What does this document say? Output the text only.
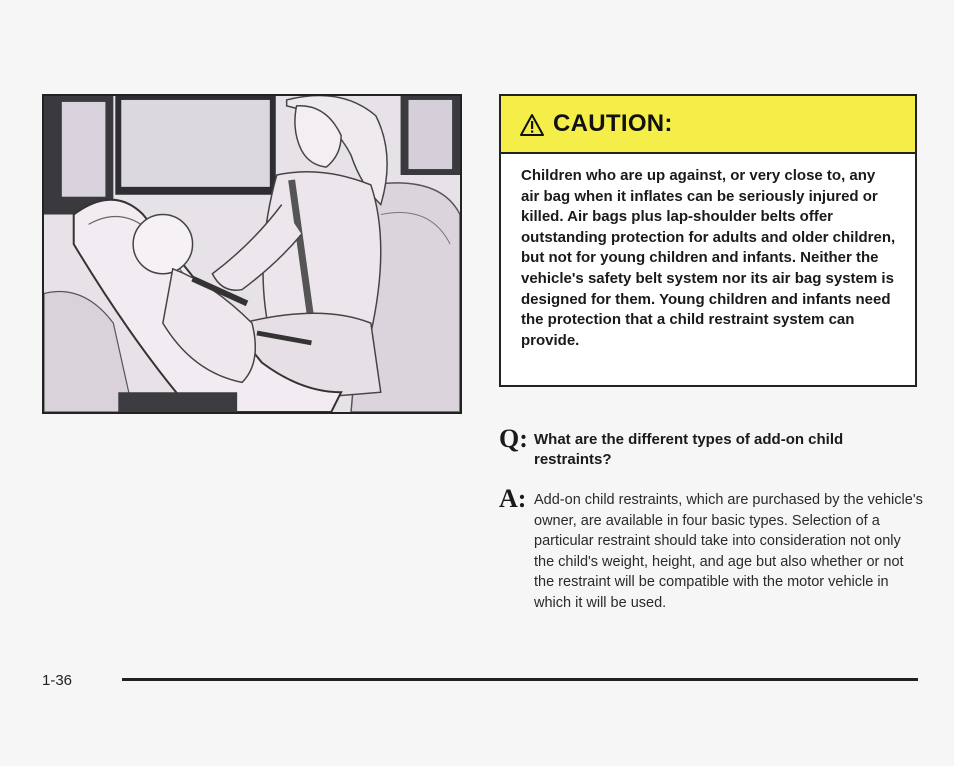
CAUTION:

Children who are up against, or very close to, any air bag when it inflates can be seriously injured or killed. Air bags plus lap-shoulder belts offer outstanding protection for adults and older children, but not for young children and infants. Neither the vehicle's safety belt system nor its air bag system is designed for them. Young children and infants need the protection that a child restraint system can provide.

Q: What are the different types of add-on child restraints?
A: Add-on child restraints, which are purchased by the vehicle's owner, are available in four basic types. Selection of a particular restraint should take into consideration not only the child's weight, height, and age but also whether or not the restraint will be compatible with the motor vehicle in which it will be used.
1-36
